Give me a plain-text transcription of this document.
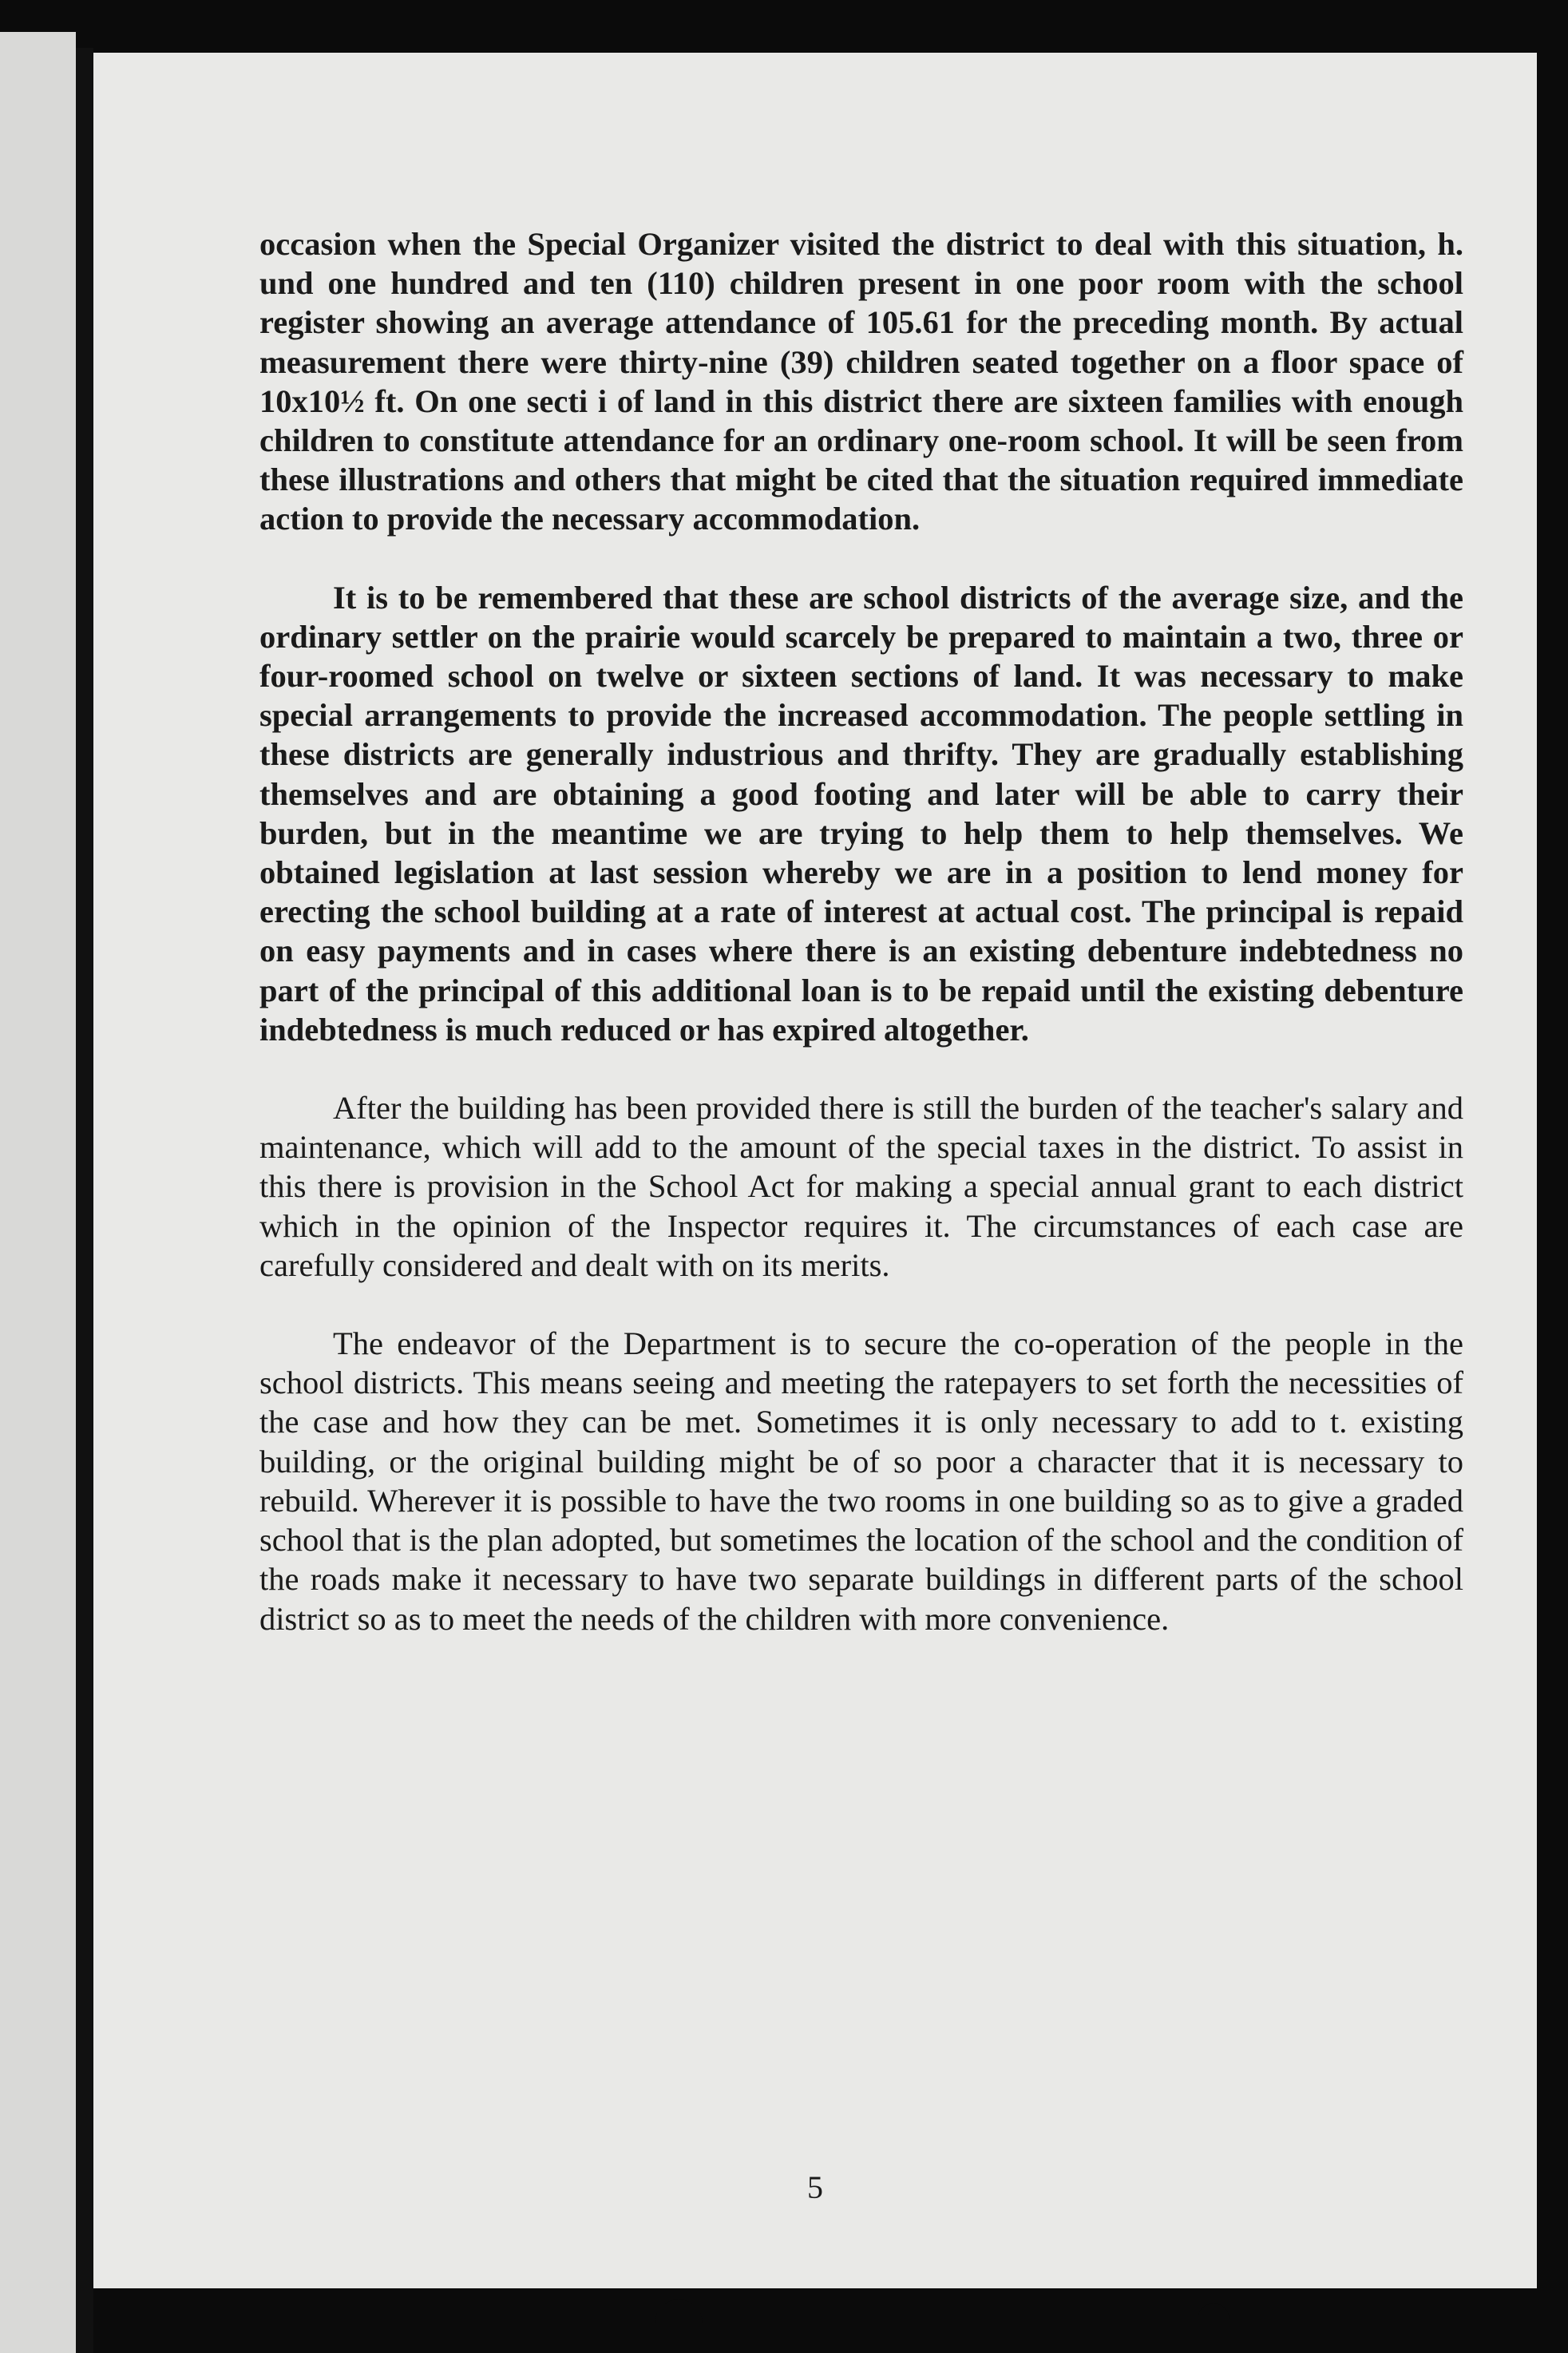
occasion when the Special Organizer visited the district to deal with this situation, h. und one hundred and ten (110) children present in one poor room with the school register showing an average attendance of 105.61 for the preceding month. By actual measurement there were thirty-nine (39) children seated together on a floor space of 10x10½ ft. On one secti i of land in this district there are sixteen families with enough children to constitute attendance for an ordinary one-room school. It will be seen from these illustrations and others that might be cited that the situation required immediate action to provide the necessary accommodation.

It is to be remembered that these are school districts of the average size, and the ordinary settler on the prairie would scarcely be prepared to maintain a two, three or four-roomed school on twelve or sixteen sections of land. It was necessary to make special arrangements to provide the increased accommodation. The people settling in these districts are generally industrious and thrifty. They are gradually establishing themselves and are obtaining a good footing and later will be able to carry their burden, but in the meantime we are trying to help them to help themselves. We obtained legislation at last session whereby we are in a position to lend money for erecting the school building at a rate of interest at actual cost. The principal is repaid on easy payments and in cases where there is an existing debenture indebtedness no part of the principal of this additional loan is to be repaid until the existing debenture indebtedness is much reduced or has expired altogether.

After the building has been provided there is still the burden of the teacher's salary and maintenance, which will add to the amount of the special taxes in the district. To assist in this there is provision in the School Act for making a special annual grant to each district which in the opinion of the Inspector requires it. The circumstances of each case are carefully considered and dealt with on its merits.

The endeavor of the Department is to secure the co-operation of the people in the school districts. This means seeing and meeting the ratepayers to set forth the necessities of the case and how they can be met. Sometimes it is only necessary to add to t. existing building, or the original building might be of so poor a character that it is necessary to rebuild. Wherever it is possible to have the two rooms in one building so as to give a graded school that is the plan adopted, but sometimes the location of the school and the condition of the roads make it necessary to have two separate buildings in different parts of the school district so as to meet the needs of the children with more convenience.

5
